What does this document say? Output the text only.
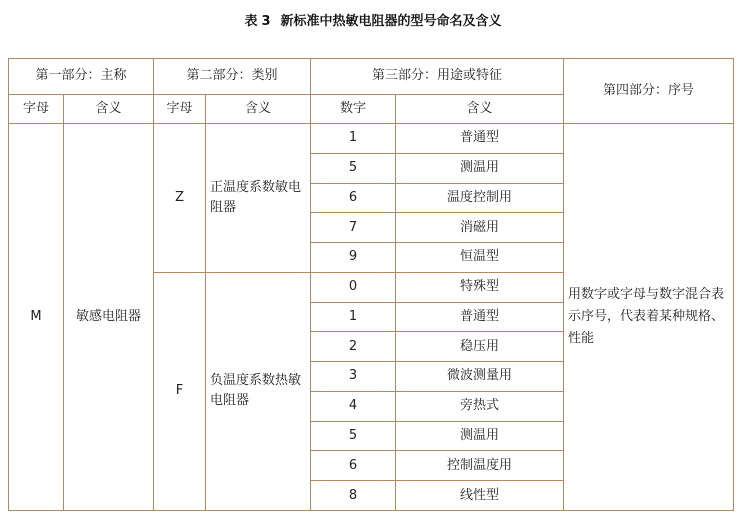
表 3 新标准中热敏电阻器的型号命名及含义
第一部分：主称		第二部分：类别		第三部分：用途或特征		第四部分：序号
字母	含义	字母	含义	数字	含义	
M	敏感电阻器	Z	正温度系数敏电阻器	1	普通型	用数字或字母与数字混合表示序号，代表着某种规格、性能
				5	测温用	
				6	温度控制用	
				7	消磁用	
				9	恒温型	
		F	负温度系数热敏电阻器	0	特殊型	
				1	普通型	
				2	稳压用	
				3	微波测量用	
				4	旁热式	
				5	测温用	
				6	控制温度用	
				8	线性型	
